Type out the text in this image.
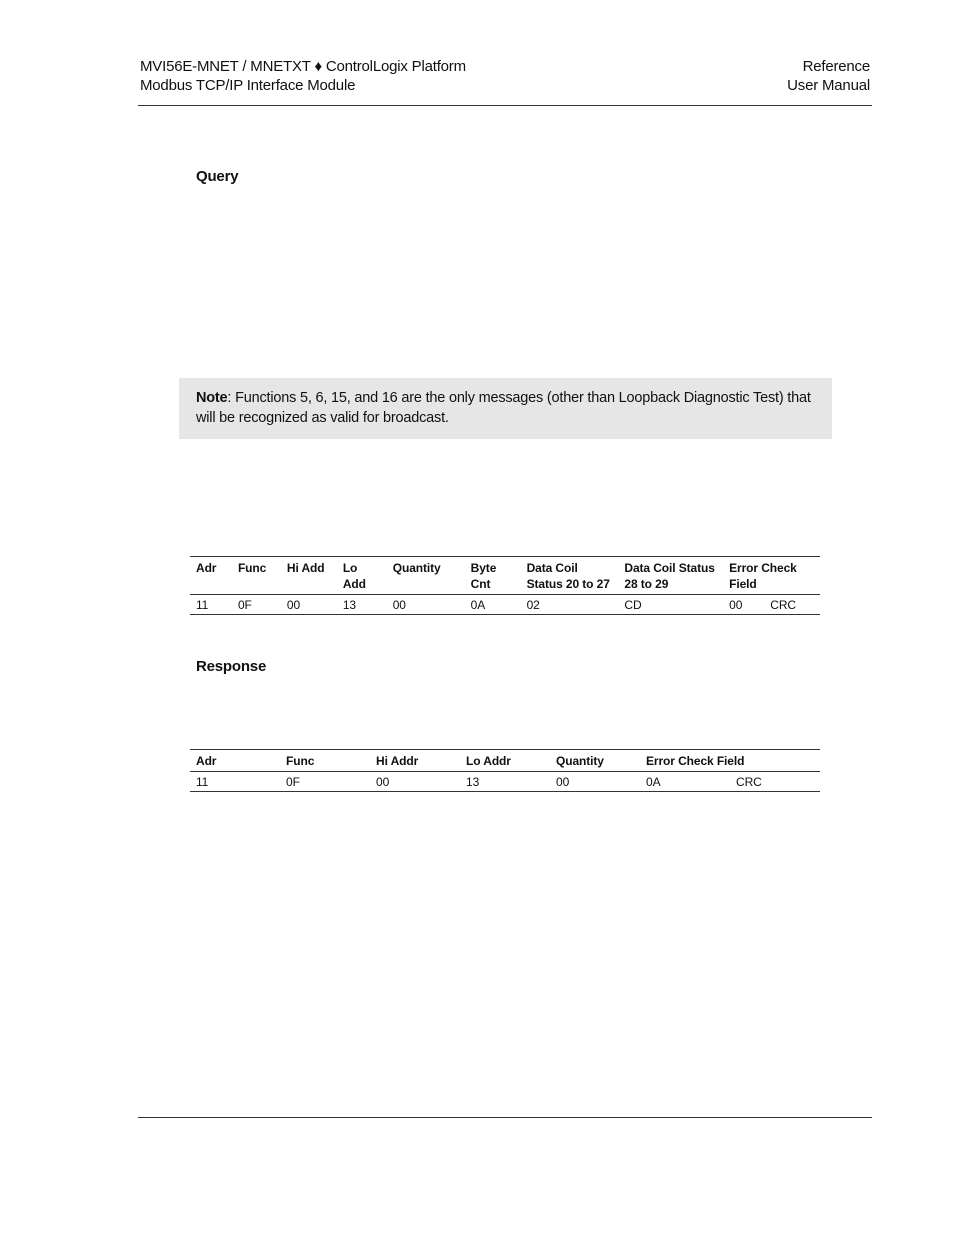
MVI56E-MNET / MNETXT ♦ ControlLogix Platform
Modbus TCP/IP Interface Module
Reference
User Manual
Query
Note: Functions 5, 6, 15, and 16 are the only messages (other than Loopback Diagnostic Test) that will be recognized as valid for broadcast.
Adr	Func	Hi Add	Lo Add	Quantity	Byte Cnt	Data Coil Status 20 to 27	Data Coil Status 28 to 29	Error Check Field
11	0F	00	13	00	0A	02	CD	00 CRC
Response
Adr	Func	Hi Addr	Lo Addr	Quantity	Error Check Field
11	0F	00	13	00	0A CRC
